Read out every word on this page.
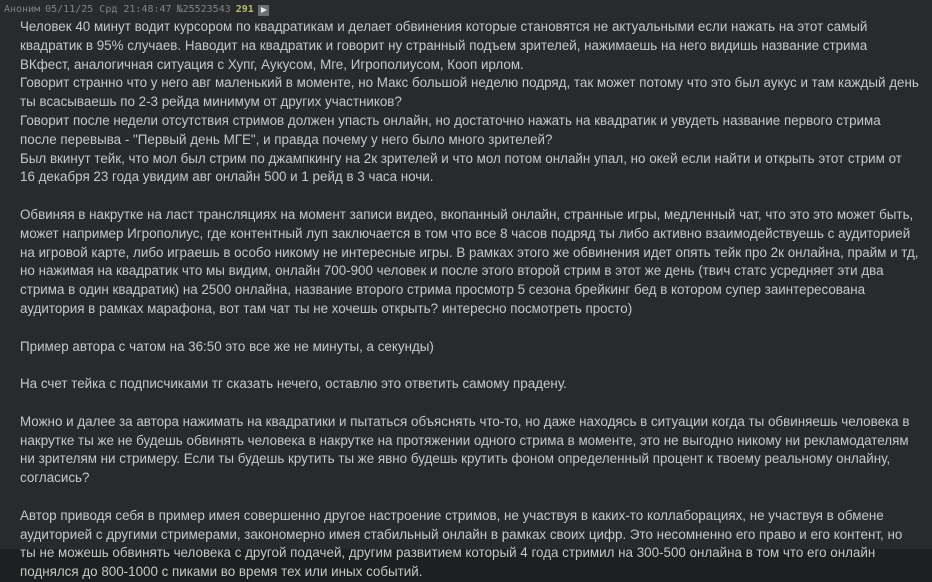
Аноним 05/11/25 Срд 21:48:47 №25523543 291

Человек 40 минут водит курсором по квадратикам и делает обвинения которые становятся не актуальными если нажать на этот самый квадратик в 95% случаев. Наводит на квадратик и говорит ну странный подъем зрителей, нажимаешь на него видишь название стрима ВКфест, аналогичная ситуация с Хупг, Аукусом, Мге, Игрополиусом, Кооп ирлом.

Говорит странно что у него авг маленький в моменте, но Макс большой неделю подряд, так может потому что это был аукус и там каждый день ты всасываешь по 2-3 рейда минимум от других участников?

Говорит после недели отсутствия стримов должен упасть онлайн, но достаточно нажать на квадратик и увудеть название первого стрима после перевыва - "Первый день МГЕ", и правда почему у него было много зрителей?

Был вкинут тейк, что мол был стрим по джампкингу на 2к зрителей и что мол потом онлайн упал, но окей если найти и открыть этот стрим от 16 декабря 23 года увидим авг онлайн 500 и 1 рейд в 3 часа ночи.

Обвиняя в накрутке на ласт трансляциях на момент записи видео, вкопанный онлайн, странные игры, медленный чат, что это это может быть, может например Игрополиус, где контентный луп заключается в том что все 8 часов подряд ты либо активно взаимодействуешь с аудиторией на игровой карте, либо играешь в особо никому не интересные игры. В рамках этого же обвинения идет опять тейк про 2к онлайна, прайм и тд, но нажимая на квадратик что мы видим, онлайн 700-900 человек и после этого второй стрим в этот же день (твич статс усредняет эти два стрима в один квадратик) на 2500 онлайна, название второго стрима просмотр 5 сезона брейкинг бед в котором супер заинтересована аудитория в рамках марафона, вот там чат ты не хочешь открыть? интересно посмотреть просто)

Пример автора с чатом на 36:50 это все же не минуты, а секунды)

На счет тейка с подписчиками тг сказать нечего, оставлю это ответить самому прадену.

Можно и далее за автора нажимать на квадратики и пытаться объяснять что-то, но даже находясь в ситуации когда ты обвиняешь человека в накрутке ты же не будешь обвинять человека в накрутке на протяжении одного стрима в моменте, это не выгодно никому ни рекламодателям ни зрителям ни стримеру. Если ты будешь крутить ты же явно будешь крутить фоном определенный процент к твоему реальному онлайну, согласись?

Автор приводя себя в пример имея совершенно другое настроение стримов, не участвуя в каких-то коллаборациях, не участвуя в обмене аудиторией с другими стримерами, закономерно имея стабильный онлайн в рамках своих цифр. Это несомненно его право и его контент, но ты не можешь обвинять человека с другой подачей, другим развитием который 4 года стримил на 300-500 онлайна в том что его онлайн поднялся до 800-1000 с пиками во время тех или иных событий.
